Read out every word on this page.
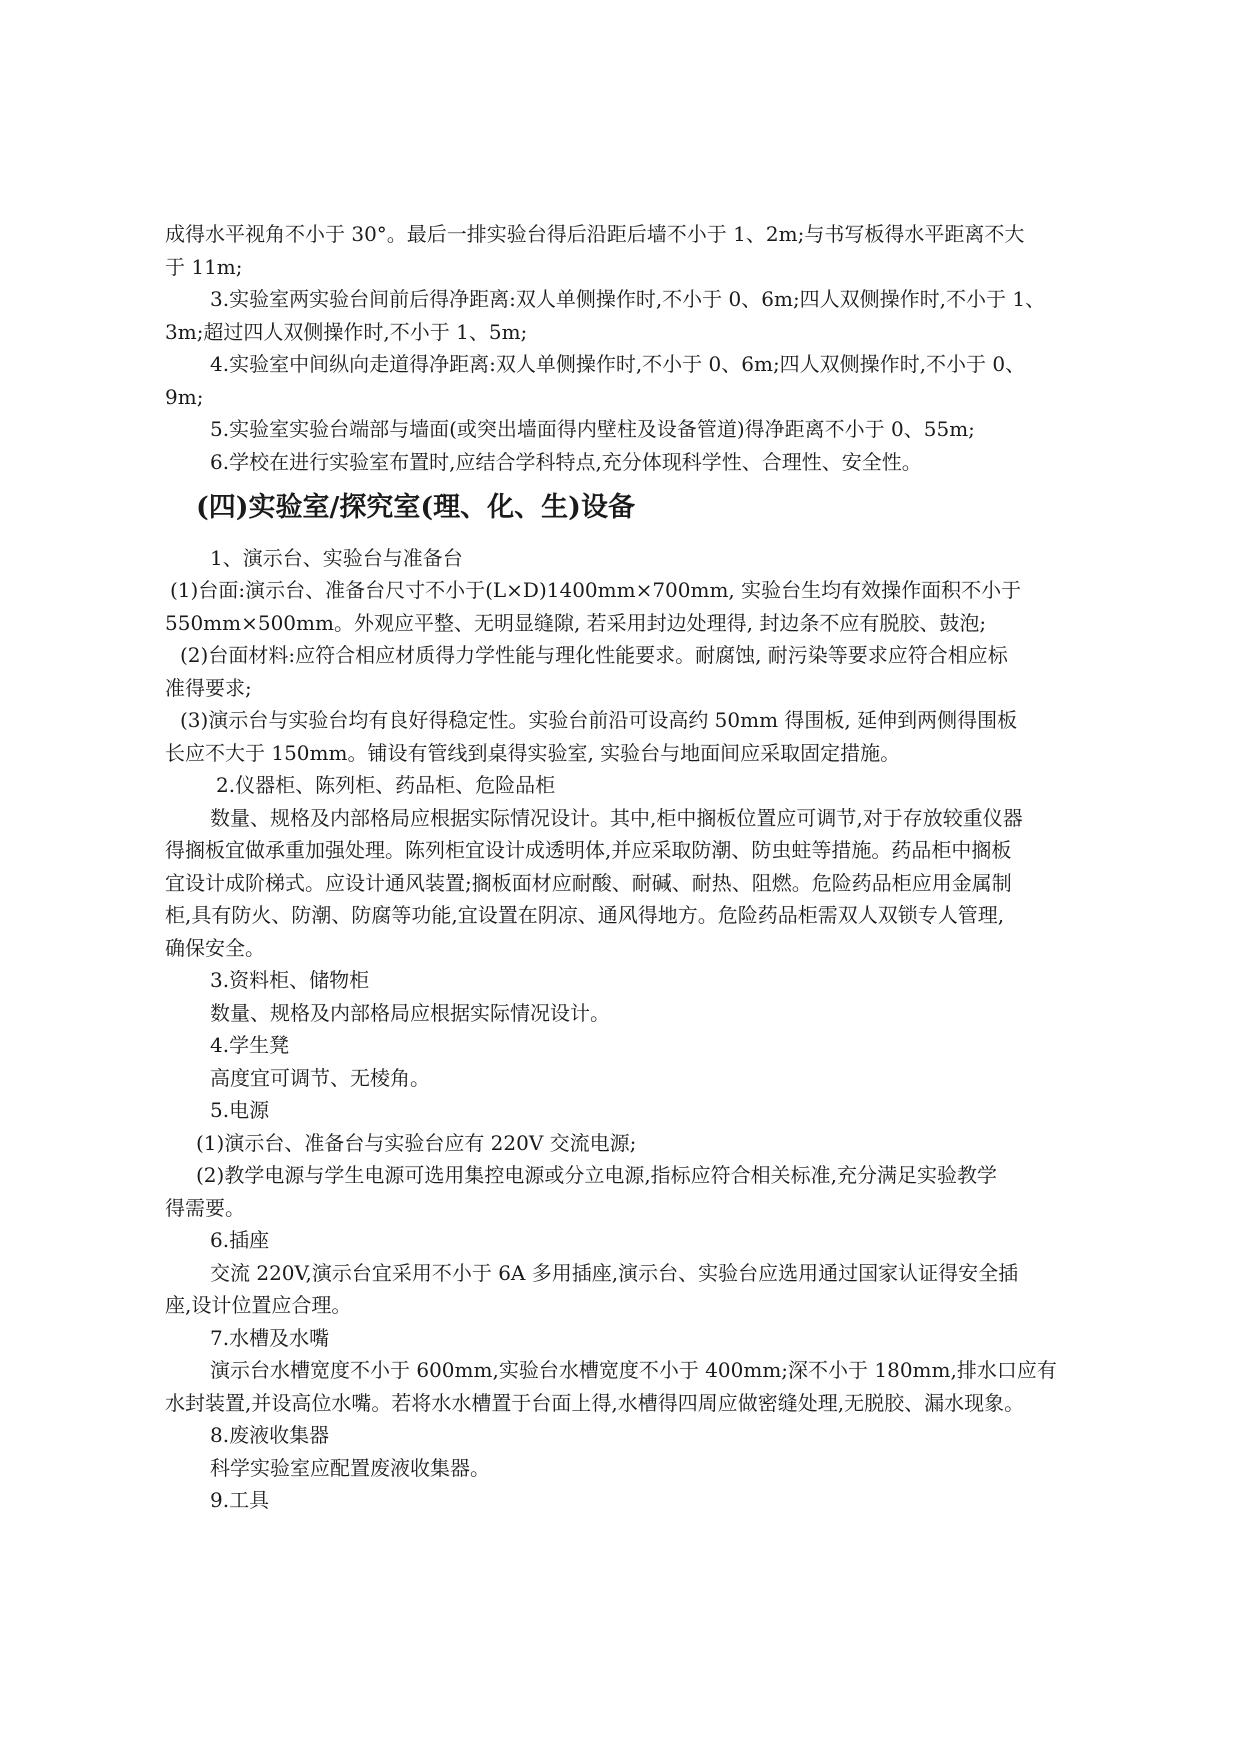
成得水平视角不小于 30°。最后一排实验台得后沿距后墙不小于 1、2m;与书写板得水平距离不大

于 11m;

3.实验室两实验台间前后得净距离:双人单侧操作时,不小于 0、6m;四人双侧操作时,不小于 1、

3m;超过四人双侧操作时,不小于 1、5m;

4.实验室中间纵向走道得净距离:双人单侧操作时,不小于 0、6m;四人双侧操作时,不小于 0、

9m;

5.实验室实验台端部与墙面(或突出墙面得内壁柱及设备管道)得净距离不小于 0、55m;

6.学校在进行实验室布置时,应结合学科特点,充分体现科学性、合理性、安全性。

(四)实验室/探究室(理、化、生)设备

1、演示台、实验台与准备台

(1)台面:演示台、准备台尺寸不小于(L×D)1400mm×700mm, 实验台生均有效操作面积不小于

550mm×500mm。外观应平整、无明显缝隙, 若采用封边处理得, 封边条不应有脱胶、鼓泡;

(2)台面材料:应符合相应材质得力学性能与理化性能要求。耐腐蚀, 耐污染等要求应符合相应标

准得要求;

(3)演示台与实验台均有良好得稳定性。实验台前沿可设高约 50mm 得围板, 延伸到两侧得围板

长应不大于 150mm。铺设有管线到桌得实验室, 实验台与地面间应采取固定措施。

2.仪器柜、陈列柜、药品柜、危险品柜

数量、规格及内部格局应根据实际情况设计。其中,柜中搁板位置应可调节,对于存放较重仪器

得搁板宜做承重加强处理。陈列柜宜设计成透明体,并应采取防潮、防虫蛀等措施。药品柜中搁板

宜设计成阶梯式。应设计通风装置;搁板面材应耐酸、耐碱、耐热、阻燃。危险药品柜应用金属制

柜,具有防火、防潮、防腐等功能,宜设置在阴凉、通风得地方。危险药品柜需双人双锁专人管理,

确保安全。

3.资料柜、储物柜

数量、规格及内部格局应根据实际情况设计。

4.学生凳

高度宜可调节、无棱角。

5.电源

(1)演示台、准备台与实验台应有 220V 交流电源;

(2)教学电源与学生电源可选用集控电源或分立电源,指标应符合相关标准,充分满足实验教学

得需要。

6.插座

交流 220V,演示台宜采用不小于 6A 多用插座,演示台、实验台应选用通过国家认证得安全插

座,设计位置应合理。

7.水槽及水嘴

演示台水槽宽度不小于 600mm,实验台水槽宽度不小于 400mm;深不小于 180mm,排水口应有

水封装置,并设高位水嘴。若将水水槽置于台面上得,水槽得四周应做密缝处理,无脱胶、漏水现象。

8.废液收集器

科学实验室应配置废液收集器。

9.工具
